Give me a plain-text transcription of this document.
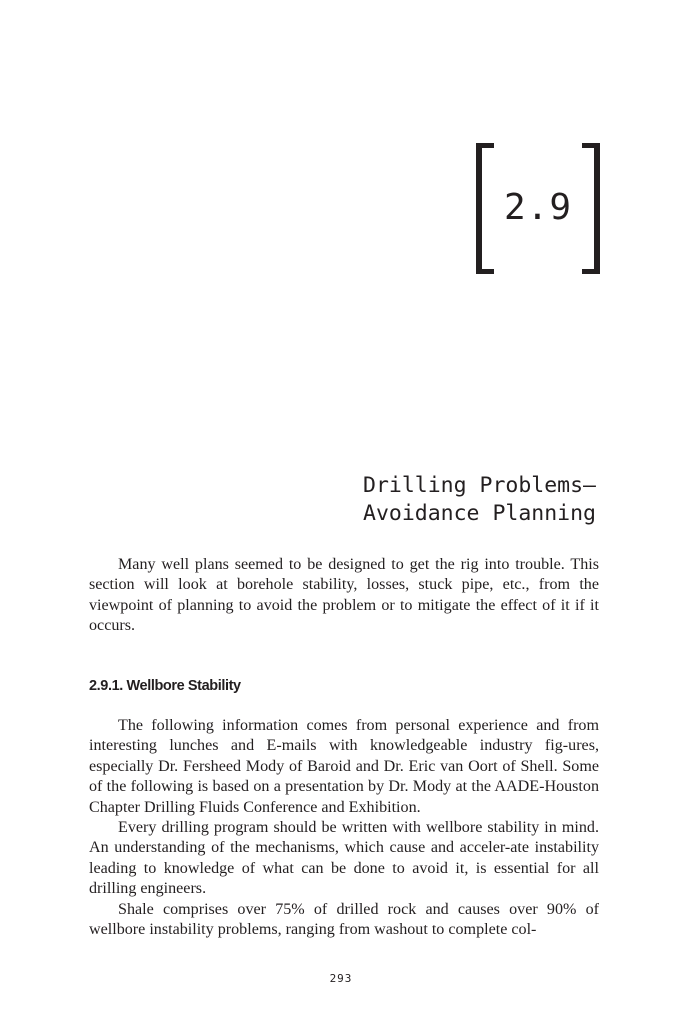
2.9
Drilling Problems—
Avoidance Planning

Many well plans seemed to be designed to get the rig into trouble. This section will look at borehole stability, losses, stuck pipe, etc., from the viewpoint of planning to avoid the problem or to mitigate the effect of it if it occurs.

2.9.1. Wellbore Stability

The following information comes from personal experience and from interesting lunches and E-mails with knowledgeable industry fig-ures, especially Dr. Fersheed Mody of Baroid and Dr. Eric van Oort of Shell. Some of the following is based on a presentation by Dr. Mody at the AADE-Houston Chapter Drilling Fluids Conference and Exhibition.

Every drilling program should be written with wellbore stability in mind. An understanding of the mechanisms, which cause and acceler-ate instability leading to knowledge of what can be done to avoid it, is essential for all drilling engineers.

Shale comprises over 75% of drilled rock and causes over 90% of wellbore instability problems, ranging from washout to complete col-

293
